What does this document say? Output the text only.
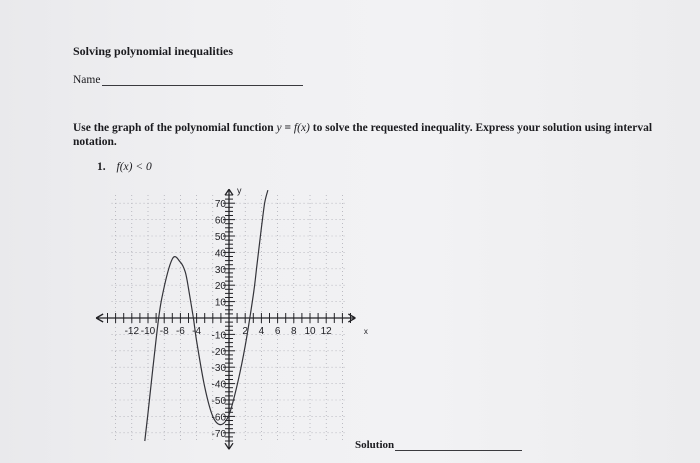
Solving polynomial inequalities
Name
Use the graph of the polynomial function y = f(x) to solve the requested inequality. Express your solution using interval notation.
1. f(x) < 0
-12 -10 -8 -6 -4	2 4 6 8 10 12
70
60
50
40
30
20
10
-10
-20
-30
-40
-50
-60
-70
x
y
Solution
